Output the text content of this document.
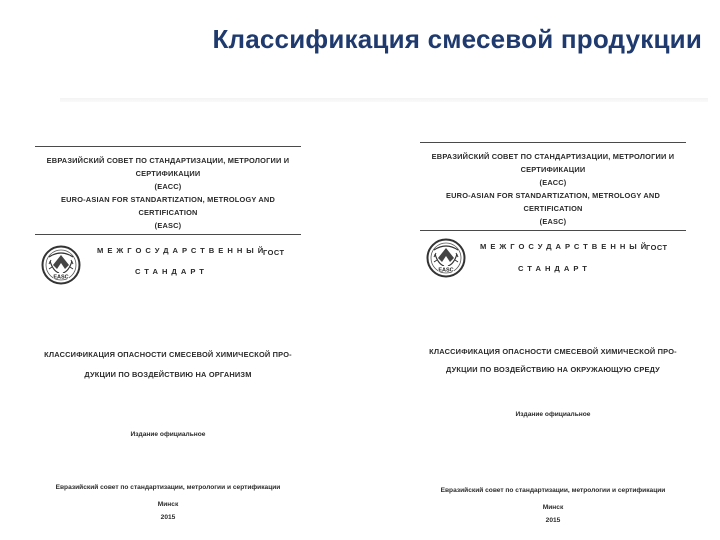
Классификация смесевой продукции
ЕВРАЗИЙСКИЙ СОВЕТ ПО СТАНДАРТИЗАЦИИ, МЕТРОЛОГИИ И
СЕРТИФИКАЦИИ
(ЕАСС)
EURO-ASIAN FOR STANDARTIZATION, METROLOGY AND
CERTIFICATION
(EASC)
EASC
МЕЖГОСУДАРСТВЕННЫЙ
ГОСТ
СТАНДАРТ
КЛАССИФИКАЦИЯ ОПАСНОСТИ СМЕСЕВОЙ ХИМИЧЕСКОЙ ПРО-
ДУКЦИИ ПО ВОЗДЕЙСТВИЮ НА ОРГАНИЗМ
Издание официальное
Евразийский совет по стандартизации, метрологии и сертификации
Минск
2015
ЕВРАЗИЙСКИЙ СОВЕТ ПО СТАНДАРТИЗАЦИИ, МЕТРОЛОГИИ И
СЕРТИФИКАЦИИ
(ЕАСС)
EURO-ASIAN FOR STANDARTIZATION, METROLOGY AND
CERTIFICATION
(EASC)
EASC
МЕЖГОСУДАРСТВЕННЫЙ
ГОСТ
СТАНДАРТ
КЛАССИФИКАЦИЯ ОПАСНОСТИ СМЕСЕВОЙ ХИМИЧЕСКОЙ ПРО-
ДУКЦИИ ПО ВОЗДЕЙСТВИЮ НА ОКРУЖАЮЩУЮ СРЕДУ
Издание официальное
Евразийский совет по стандартизации, метрологии и сертификации
Минск
2015
